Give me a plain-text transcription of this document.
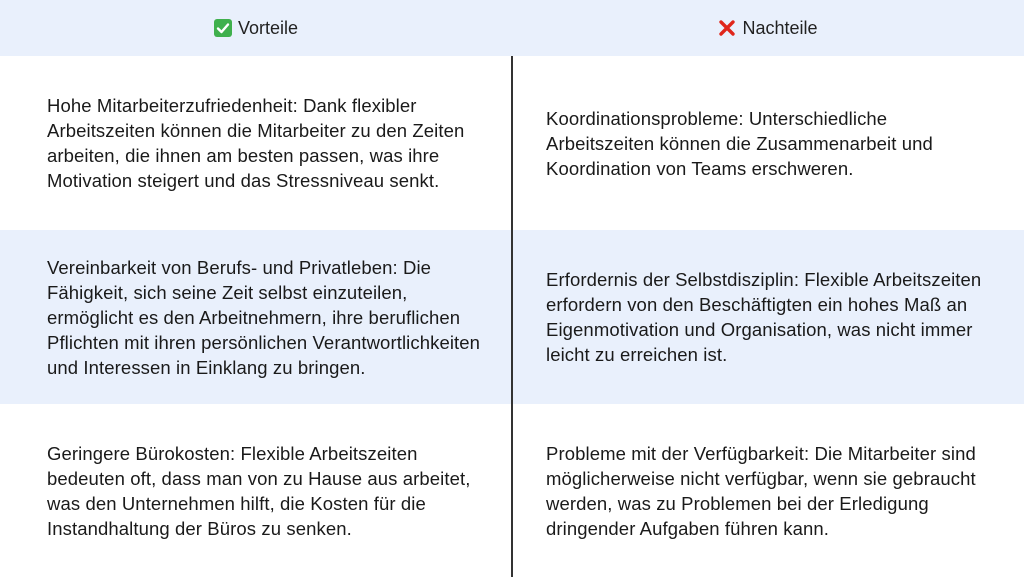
Vorteile	Nachteile
Hohe Mitarbeiterzufriedenheit: Dank flexibler Arbeitszeiten können die Mitarbeiter zu den Zeiten arbeiten, die ihnen am besten passen, was ihre Motivation steigert und das Stressniveau senkt.
Koordinationsprobleme: Unterschiedliche Arbeitszeiten können die Zusammenarbeit und Koordination von Teams erschweren.
Vereinbarkeit von Berufs- und Privatleben: Die Fähigkeit, sich seine Zeit selbst einzuteilen, ermöglicht es den Arbeitnehmern, ihre beruflichen Pflichten mit ihren persönlichen Verantwortlichkeiten und Interessen in Einklang zu bringen.
Erfordernis der Selbstdisziplin: Flexible Arbeitszeiten erfordern von den Beschäftigten ein hohes Maß an Eigenmotivation und Organisation, was nicht immer leicht zu erreichen ist.
Geringere Bürokosten: Flexible Arbeitszeiten bedeuten oft, dass man von zu Hause aus arbeitet, was den Unternehmen hilft, die Kosten für die Instandhaltung der Büros zu senken.
Probleme mit der Verfügbarkeit: Die Mitarbeiter sind möglicherweise nicht verfügbar, wenn sie gebraucht werden, was zu Problemen bei der Erledigung dringender Aufgaben führen kann.
